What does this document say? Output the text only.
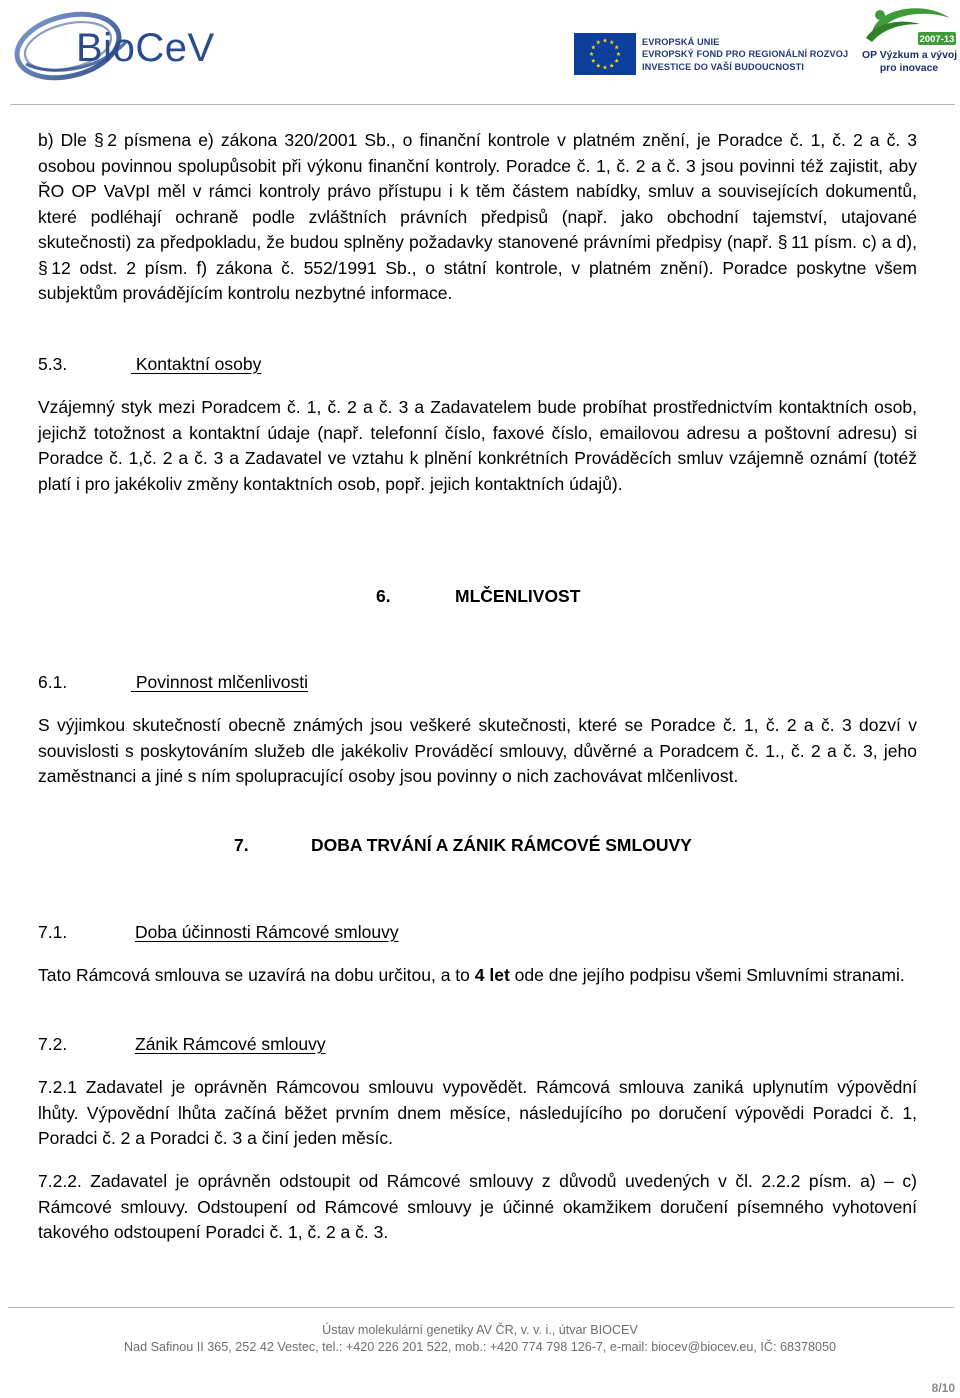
BioCeV	EVROPSKÁ UNIE
EVROPSKÝ FOND PRO REGIONÁLNÍ ROZVOJ
INVESTICE DO VAŠÍ BUDOUCNOSTI
2007-13
OP Výzkum a vývoj
pro inovace

b) Dle § 2 písmena e) zákona 320/2001 Sb., o finanční kontrole v platném znění, je Poradce č. 1, č. 2 a č. 3 osobou povinnou spolupůsobit při výkonu finanční kontroly. Poradce č. 1, č. 2 a č. 3 jsou povinni též zajistit, aby ŘO OP VaVpI měl v rámci kontroly právo přístupu i k těm částem nabídky, smluv a souvisejících dokumentů, které podléhají ochraně podle zvláštních právních předpisů (např. jako obchodní tajemství, utajované skutečnosti) za předpokladu, že budou splněny požadavky stanovené právními předpisy (např. § 11 písm. c) a d), § 12 odst. 2 písm. f) zákona č. 552/1991 Sb., o státní kontrole, v platném znění). Poradce poskytne všem subjektům provádějícím kontrolu nezbytné informace.

5.3.	Kontaktní osoby

Vzájemný styk mezi Poradcem č. 1, č. 2 a č. 3 a Zadavatelem bude probíhat prostřednictvím kontaktních osob, jejichž totožnost a kontaktní údaje (např. telefonní číslo, faxové číslo, emailovou adresu a poštovní adresu) si Poradce č. 1,č. 2 a č. 3 a Zadavatel ve vztahu k plnění konkrétních Prováděcích smluv vzájemně oznámí (totéž platí i pro jakékoliv změny kontaktních osob, popř. jejich kontaktních údajů).

6.	MLČENLIVOST
6.1.	Povinnost mlčenlivosti

S výjimkou skutečností obecně známých jsou veškeré skutečnosti, které se Poradce č. 1, č. 2 a č. 3 dozví v souvislosti s poskytováním služeb dle jakékoliv Prováděcí smlouvy, důvěrné a Poradcem č. 1., č. 2 a č. 3, jeho zaměstnanci a jiné s ním spolupracující osoby jsou povinny o nich zachovávat mlčenlivost.

7.	DOBA TRVÁNÍ A ZÁNIK RÁMCOVÉ SMLOUVY
7.1.	Doba účinnosti Rámcové smlouvy

Tato Rámcová smlouva se uzavírá na dobu určitou, a to 4 let ode dne jejího podpisu všemi Smluvními stranami.

7.2.	Zánik Rámcové smlouvy

7.2.1 Zadavatel je oprávněn Rámcovou smlouvu vypovědět. Rámcová smlouva zaniká uplynutím výpovědní lhůty. Výpovědní lhůta začíná běžet prvním dnem měsíce, následujícího po doručení výpovědi Poradci č. 1, Poradci č. 2 a Poradci č. 3 a činí jeden měsíc.

7.2.2. Zadavatel je oprávněn odstoupit od Rámcové smlouvy z důvodů uvedených v čl. 2.2.2 písm. a) – c) Rámcové smlouvy. Odstoupení od Rámcové smlouvy je účinné okamžikem doručení písemného vyhotovení takového odstoupení Poradci č. 1, č. 2 a č. 3.

Ústav molekulární genetiky AV ČR, v. v. i., útvar BIOCEV
Nad Safinou II 365, 252 42 Vestec, tel.: +420 226 201 522, mob.: +420 774 798 126-7, e-mail: biocev@biocev.eu, IČ: 68378050
8/10
